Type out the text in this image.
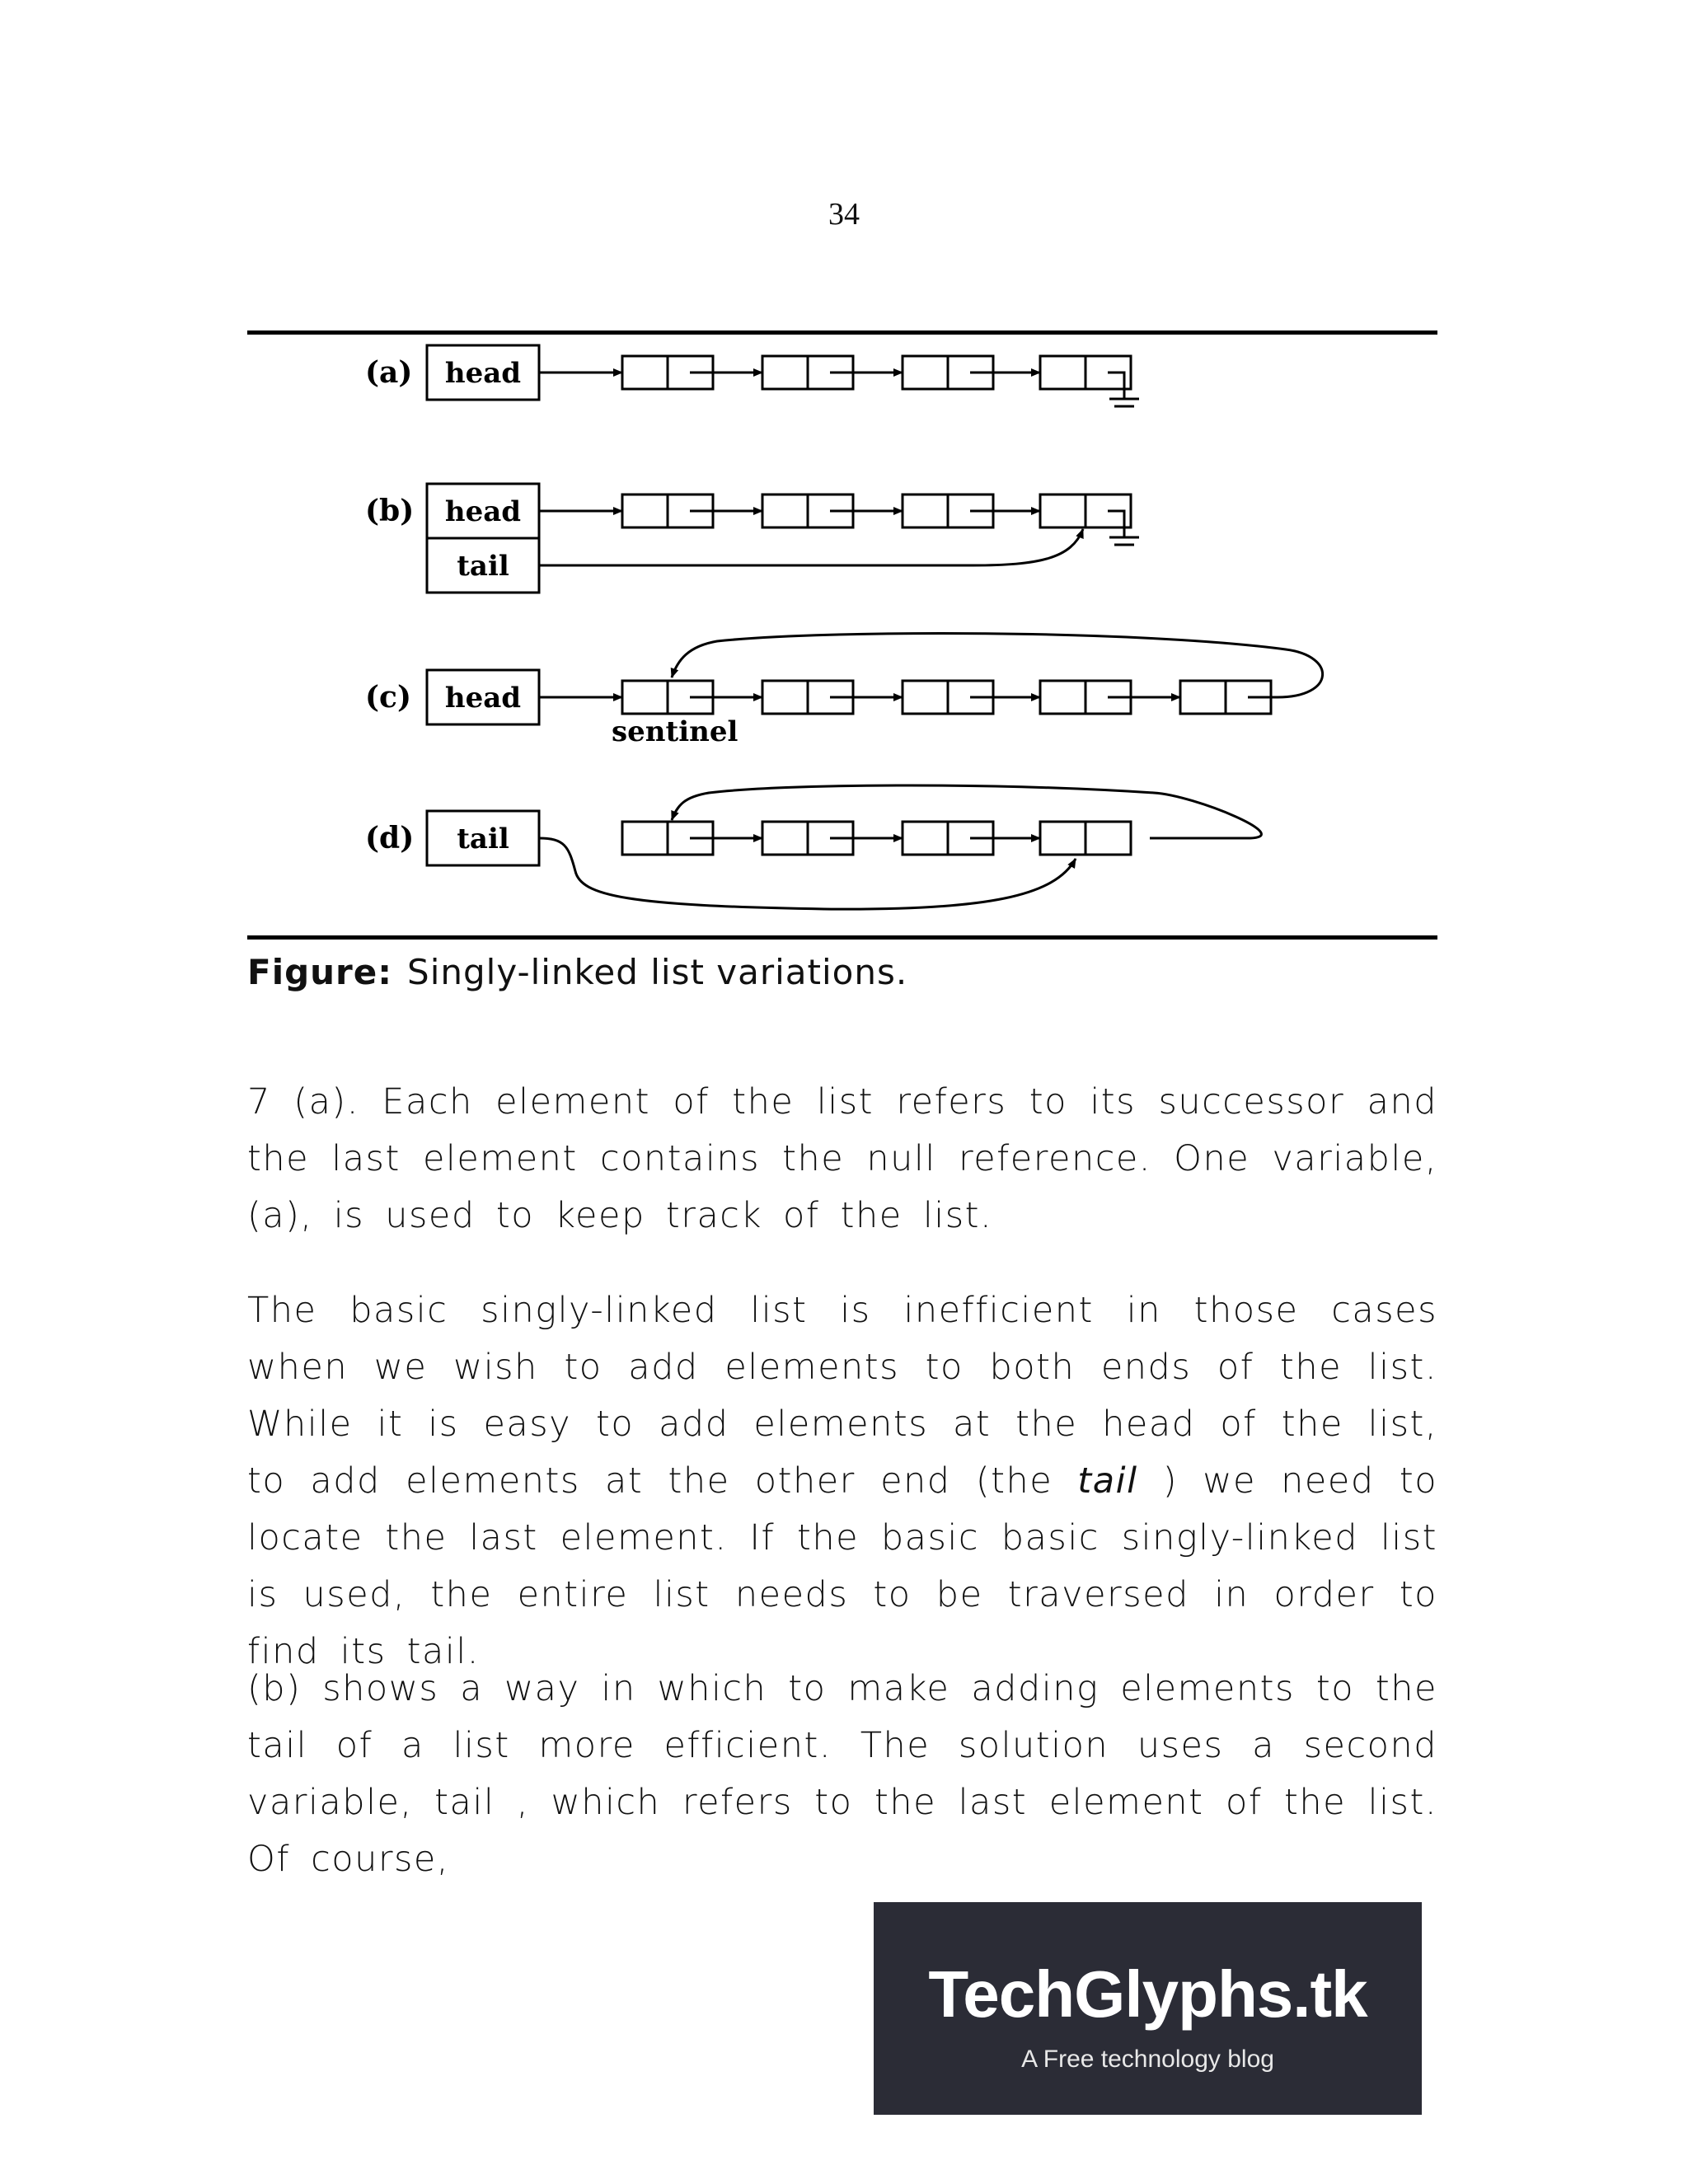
34
(a) head
(b) head
tail
(c) head
sentinel
(d) tail
Figure: Singly-linked list variations.

7 (a). Each element of the list refers to its successor and the last element contains the null reference. One variable, (a), is used to keep track of the list.

The basic singly-linked list is inefficient in those cases when we wish to add elements to both ends of the list. While it is easy to add elements at the head of the list, to add elements at the other end (the tail ) we need to locate the last element. If the basic basic singly-linked list is used, the entire list needs to be traversed in order to find its tail.

(b) shows a way in which to make adding elements to the tail of a list more efficient. The solution uses a second variable, tail , which refers to the last element of the list. Of course,

TechGlyphs.tk
A Free technology blog
